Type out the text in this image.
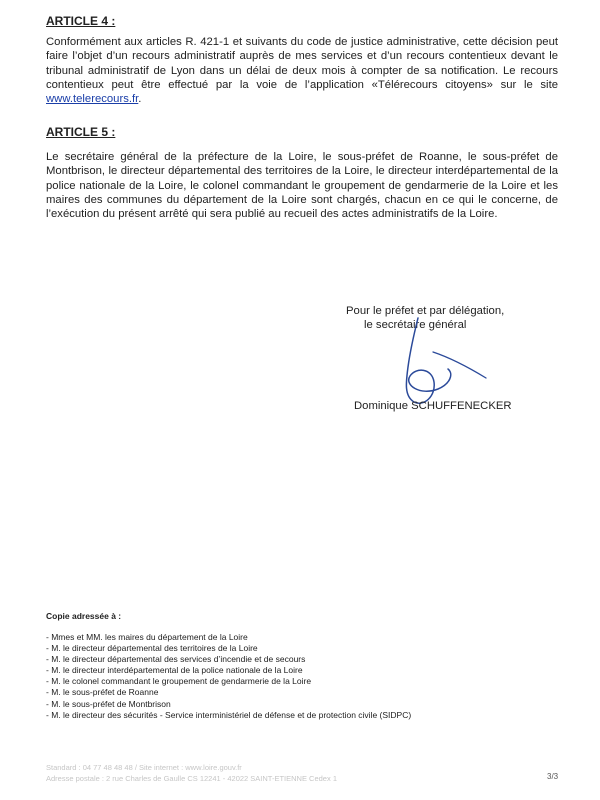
ARTICLE 4 :

Conformément aux articles R. 421-1 et suivants du code de justice administrative, cette décision peut faire l’objet d’un recours administratif auprès de mes services et d’un recours contentieux devant le tribunal administratif de Lyon dans un délai de deux mois à compter de sa notification. Le recours contentieux peut être effectué par la voie de l’application «Télérecours citoyens» sur le site www.telerecours.fr.

ARTICLE 5 :

Le secrétaire général de la préfecture de la Loire, le sous-préfet de Roanne, le sous-préfet de Montbrison, le directeur départemental des territoires de la Loire, le directeur interdépartemental de la police nationale de la Loire, le colonel commandant le groupement de gendarmerie de la Loire et les maires des communes du département de la Loire sont chargés, chacun en ce qui le concerne, de l’exécution du présent arrêté qui sera publié au recueil des actes administratifs de la Loire.

Pour le préfet et par délégation,
le secrétaire général
Dominique SCHUFFENECKER
Copie adressée à :
- Mmes et MM. les maires du département de la Loire
- M. le directeur départemental des territoires de la Loire
- M. le directeur départemental des services d’incendie et de secours
- M. le directeur interdépartemental de la police nationale de la Loire
- M. le colonel commandant le groupement de gendarmerie de la Loire
- M. le sous-préfet de Roanne
- M. le sous-préfet de Montbrison
- M. le directeur des sécurités - Service interministériel de défense et de protection civile (SIDPC)
Standard : 04 77 48 48 48 / Site internet : www.loire.gouv.fr
Adresse postale : 2 rue Charles de Gaulle CS 12241 - 42022 SAINT-ETIENNE Cedex 1	3/3
